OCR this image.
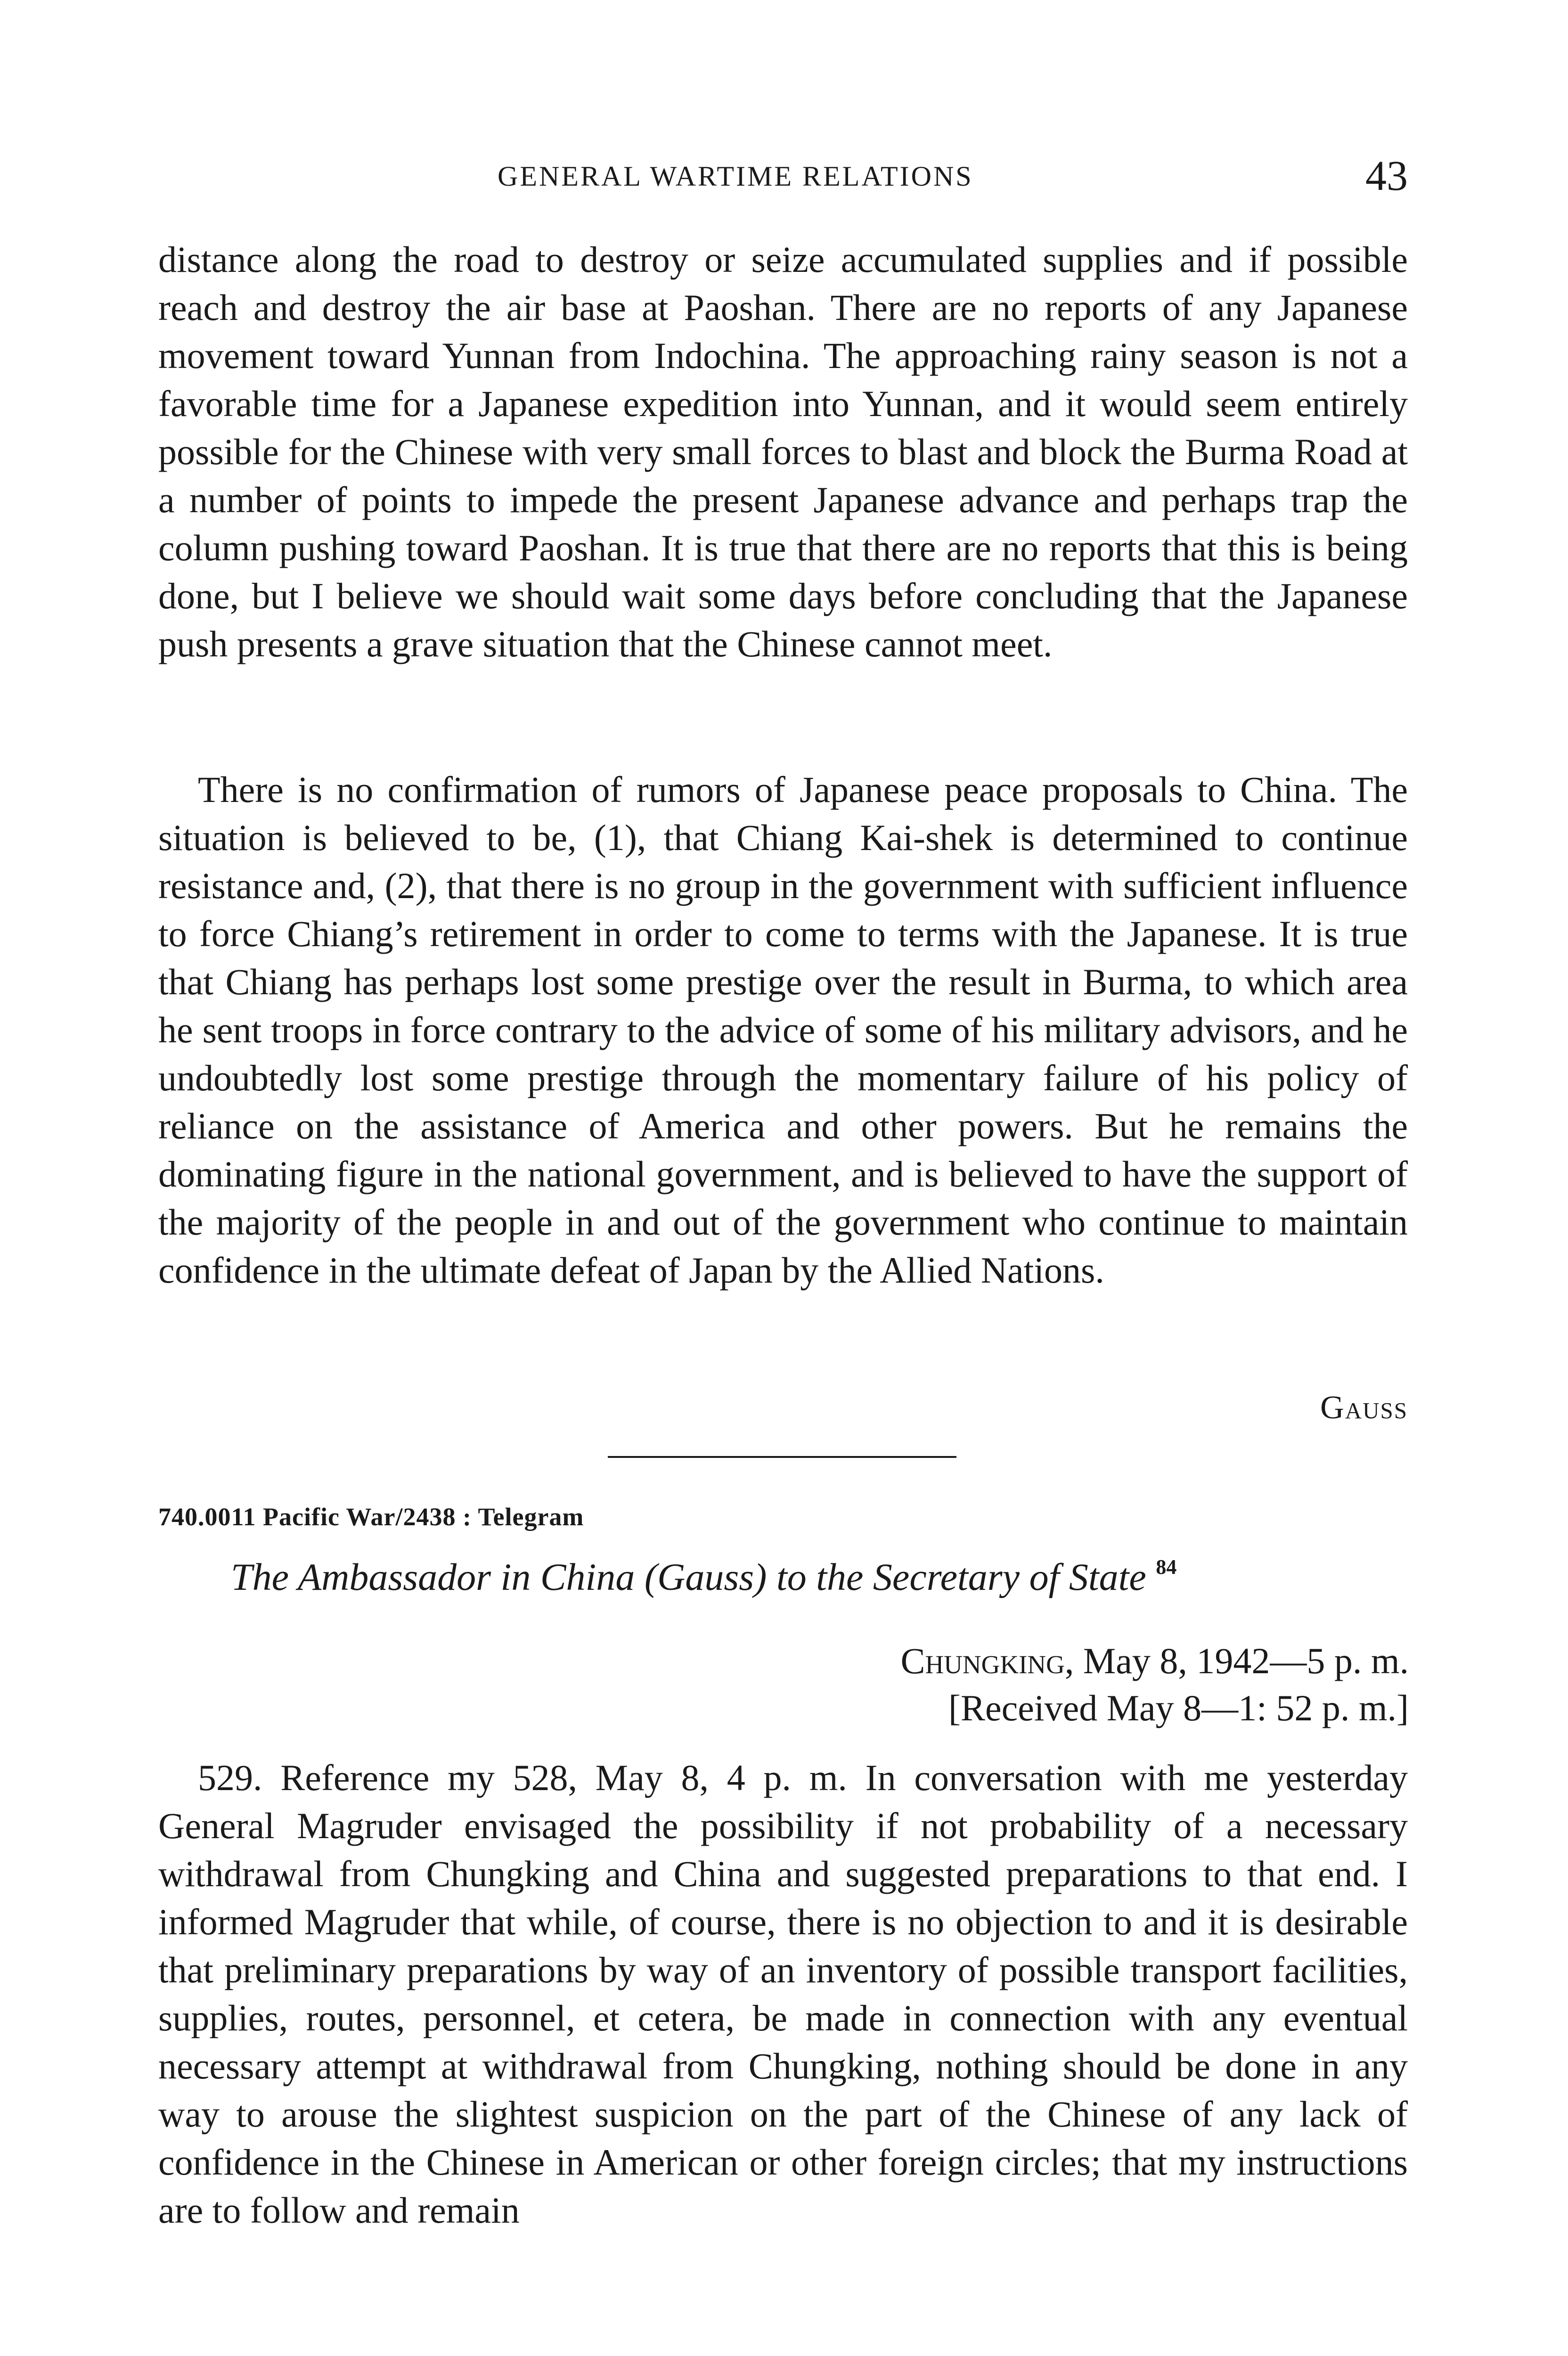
GENERAL WARTIME RELATIONS	43

distance along the road to destroy or seize accumulated supplies and if possible reach and destroy the air base at Paoshan. There are no reports of any Japanese movement toward Yunnan from Indochina. The approaching rainy season is not a favorable time for a Japanese expedition into Yunnan, and it would seem entirely possible for the Chinese with very small forces to blast and block the Burma Road at a number of points to impede the present Japanese advance and perhaps trap the column pushing toward Paoshan. It is true that there are no reports that this is being done, but I believe we should wait some days before concluding that the Japanese push presents a grave situation that the Chinese cannot meet.

There is no confirmation of rumors of Japanese peace proposals to China. The situation is believed to be, (1), that Chiang Kai-shek is determined to continue resistance and, (2), that there is no group in the government with sufficient influence to force Chiang’s retirement in order to come to terms with the Japanese. It is true that Chiang has perhaps lost some prestige over the result in Burma, to which area he sent troops in force contrary to the advice of some of his military advisors, and he undoubtedly lost some prestige through the momentary failure of his policy of reliance on the assistance of America and other powers. But he remains the dominating figure in the national government, and is believed to have the support of the majority of the people in and out of the government who continue to maintain confidence in the ultimate defeat of Japan by the Allied Nations.

Gauss
740.0011 Pacific War/2438 : Telegram
The Ambassador in China (Gauss) to the Secretary of State $^{84}$
Chungking, May 8, 1942—5 p. m.
[Received May 8—1: 52 p. m.]

529. Reference my 528, May 8, 4 p. m. In conversation with me yesterday General Magruder envisaged the possibility if not probability of a necessary withdrawal from Chungking and China and suggested preparations to that end. I informed Magruder that while, of course, there is no objection to and it is desirable that preliminary preparations by way of an inventory of possible transport facilities, supplies, routes, personnel, et cetera, be made in connection with any eventual necessary attempt at withdrawal from Chungking, nothing should be done in any way to arouse the slightest suspicion on the part of the Chinese of any lack of confidence in the Chinese in American or other foreign circles; that my instructions are to follow and remain
